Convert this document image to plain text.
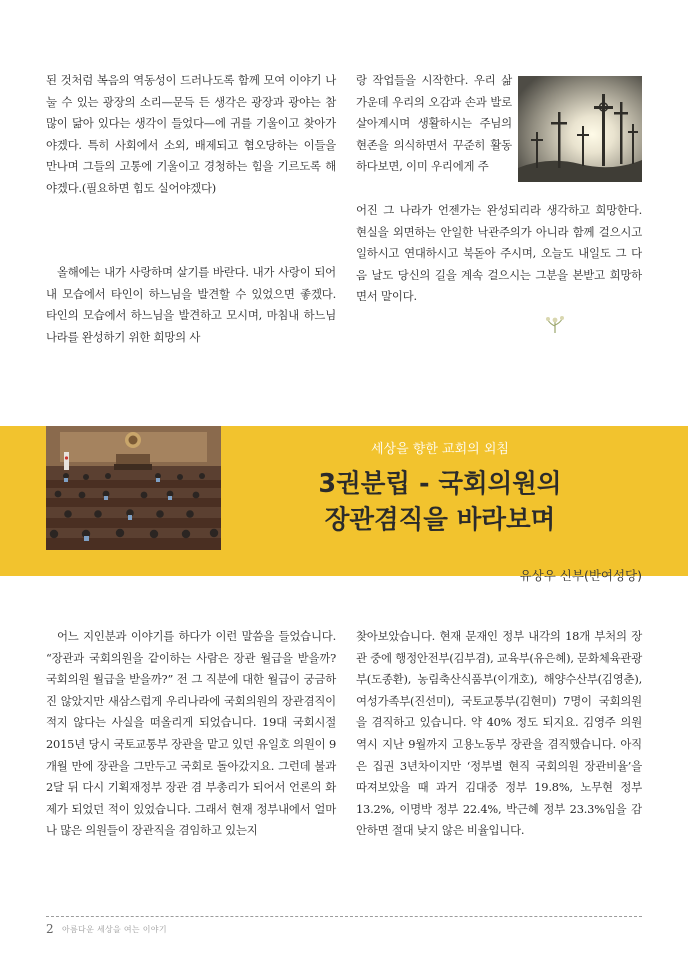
된 것처럼 복음의 역동성이 드러나도록 함께 모여 이야기 나눌 수 있는 광장의 소리—문득 든 생각은 광장과 광야는 참 많이 닮아 있다는 생각이 들었다—에 귀를 기울이고 찾아가야겠다. 특히 사회에서 소외, 배제되고 혐오당하는 이들을 만나며 그들의 고통에 기울이고 경청하는 힘을 기르도록 해야겠다.(필요하면 힘도 실어야겠다)
올해에는 내가 사랑하며 살기를 바란다. 내가 사랑이 되어 내 모습에서 타인이 하느님을 발견할 수 있었으면 좋겠다. 타인의 모습에서 하느님을 발견하고 모시며, 마침내 하느님 나라를 완성하기 위한 희망의 사
랑 작업들을 시작한다. 우리 삶 가운데 우리의 오감과 손과 발로 살아계시며 생활하시는 주님의 현존을 의식하면서 꾸준히 활동하다보면, 이미 우리에게 주
어진 그 나라가 언젠가는 완성되리라 생각하고 희망한다. 현실을 외면하는 안일한 낙관주의가 아니라 함께 걸으시고 일하시고 연대하시고 북돋아 주시며, 오늘도 내일도 그 다음 날도 당신의 길을 계속 걸으시는 그분을 본받고 희망하면서 말이다.
세상을 향한 교회의 외침
3권분립 - 국회의원의
장관겸직을 바라보며
유상우 신부(반여성당)
어느 지인분과 이야기를 하다가 이런 말씀을 들었습니다. “장관과 국회의원을 같이하는 사람은 장관 월급을 받을까? 국회의원 월급을 받을까?” 전 그 직분에 대한 월급이 궁금하진 않았지만 새삼스럽게 우리나라에 국회의원의 장관겸직이 적지 않다는 사실을 떠올리게 되었습니다. 19대 국회시절 2015년 당시 국토교통부 장관을 맡고 있던 유일호 의원이 9개월 만에 장관을 그만두고 국회로 돌아갔지요. 그런데 불과 2달 뒤 다시 기획재정부 장관 겸 부총리가 되어서 언론의 화제가 되었던 적이 있었습니다. 그래서 현재 정부내에서 얼마나 많은 의원들이 장관직을 겸임하고 있는지
찾아보았습니다. 현재 문재인 정부 내각의 18개 부처의 장관 중에 행정안전부(김부겸), 교육부(유은혜), 문화체육관광부(도종환), 농림축산식품부(이개호), 해양수산부(김영춘), 여성가족부(진선미), 국토교통부(김현미) 7명이 국회의원을 겸직하고 있습니다. 약 40% 정도 되지요. 김영주 의원 역시 지난 9월까지 고용노동부 장관을 겸직했습니다. 아직은 집권 3년차이지만 ‘정부별 현직 국회의원 장관비율’을 따져보았을 때 과거 김대중 정부 19.8%, 노무현 정부 13.2%, 이명박 정부 22.4%, 박근혜 정부 23.3%임을 감안하면 절대 낮지 않은 비율입니다.
2 아름다운 세상을 여는 이야기
